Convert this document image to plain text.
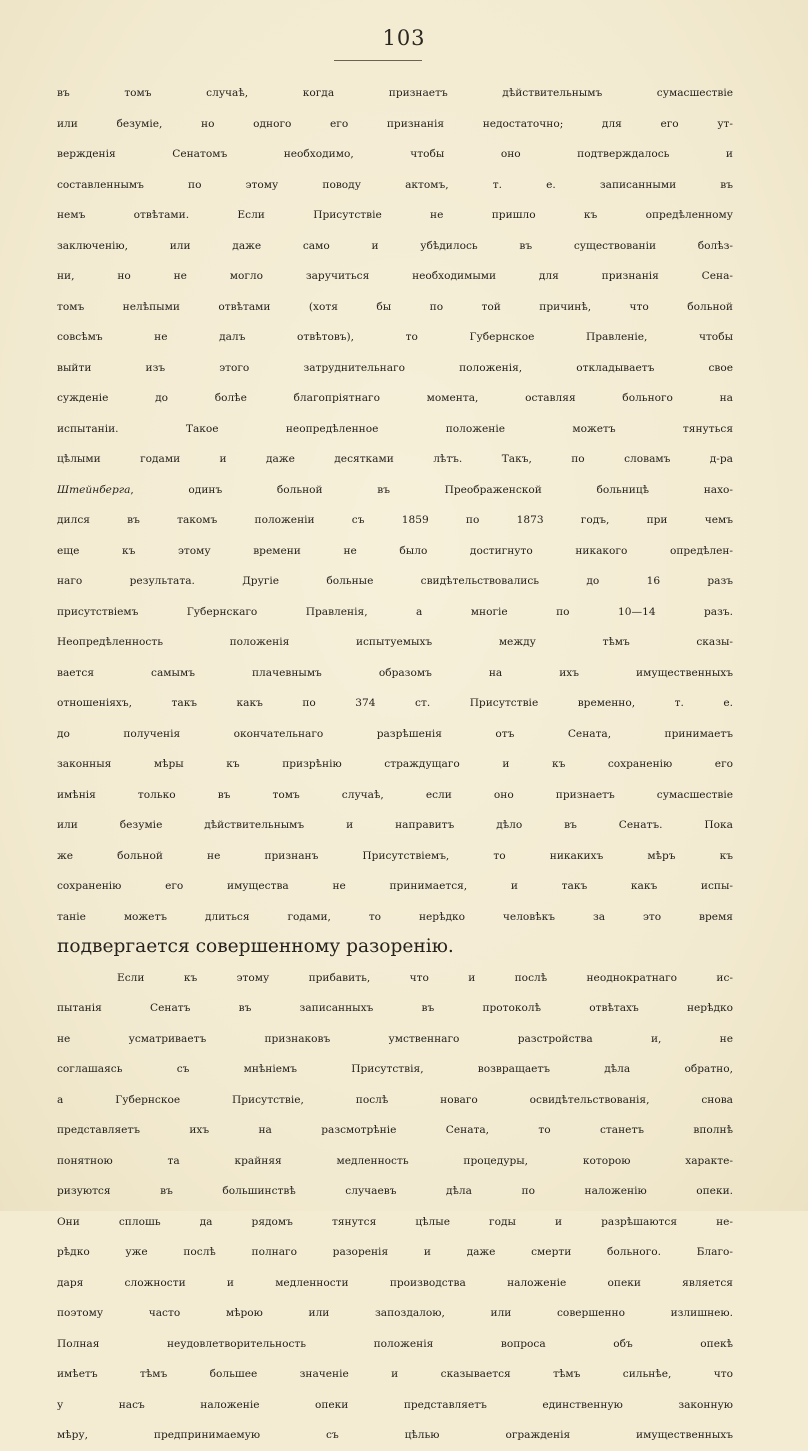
103
въ томъ случаѣ, когда признаетъ дѣйствительнымъ сумасшествіе
или безуміе, но одного его признанія недостаточно; для его ут-
вержденія Сенатомъ необходимо, чтобы оно подтверждалось и
составленнымъ по этому поводу актомъ, т. е. записанными въ
немъ отвѣтами. Если Присутствіе не пришло къ опредѣленному
заключенію, или даже само и убѣдилось въ существованіи болѣз-
ни, но не могло заручиться необходимыми для признанія Сена-
томъ нелѣпыми отвѣтами (хотя бы по той причинѣ, что больной
совсѣмъ не далъ отвѣтовъ), то Губернское Правленіе, чтобы
выйти изъ этого затруднительнаго положенія, откладываетъ свое
сужденіе до болѣе благопріятнаго момента, оставляя больного на
испытаніи. Такое неопредѣленное положеніе можетъ тянуться
цѣлыми годами и даже десятками лѣтъ. Такъ, по словамъ д-ра
Штейнберга, одинъ больной въ Преображенской больницѣ нахо-
дился въ такомъ положеніи съ 1859 по 1873 годъ, при чемъ
еще къ этому времени не было достигнуто никакого опредѣлен-
наго результата. Другіе больные свидѣтельствовались до 16 разъ
присутствіемъ Губернскаго Правленія, а многіе по 10—14 разъ.
Неопредѣленность положенія испытуемыхъ между тѣмъ сказы-
вается самымъ плачевнымъ образомъ на ихъ имущественныхъ
отношеніяхъ, такъ какъ по 374 ст. Присутствіе временно, т. е.
до полученія окончательнаго разрѣшенія отъ Сената, принимаетъ
законныя мѣры къ призрѣнію страждущаго и къ сохраненію его
имѣнія только въ томъ случаѣ, если оно признаетъ сумасшествіе
или безуміе дѣйствительнымъ и направитъ дѣло въ Сенатъ. Пока
же больной не признанъ Присутствіемъ, то никакихъ мѣръ къ
сохраненію его имущества не принимается, и такъ какъ испы-
таніе можетъ длиться годами, то нерѣдко человѣкъ за это время
подвергается совершенному разоренію.
Если къ этому прибавить, что и послѣ неоднократнаго ис-
пытанія Сенатъ въ записанныхъ въ протоколѣ отвѣтахъ нерѣдко
не усматриваетъ признаковъ умственнаго разстройства и, не
соглашаясь съ мнѣніемъ Присутствія, возвращаетъ дѣла обратно,
а Губернское Присутствіе, послѣ новаго освидѣтельствованія, снова
представляетъ ихъ на разсмотрѣніе Сената, то станетъ вполнѣ
понятною та крайняя медленность процедуры, которою характе-
ризуются въ большинствѣ случаевъ дѣла по наложенію опеки.
Они сплошь да рядомъ тянутся цѣлые годы и разрѣшаются не-
рѣдко уже послѣ полнаго разоренія и даже смерти больного. Благо-
даря сложности и медленности производства наложеніе опеки является
поэтому часто мѣрою или запоздалою, или совершенно излишнею.
Полная неудовлетворительность положенія вопроса объ опекѣ
имѣетъ тѣмъ большее значеніе и сказывается тѣмъ сильнѣе, что
у насъ наложеніе опеки представляетъ единственную законную
мѣру, предпринимаемую съ цѣлью огражденія имущественныхъ
